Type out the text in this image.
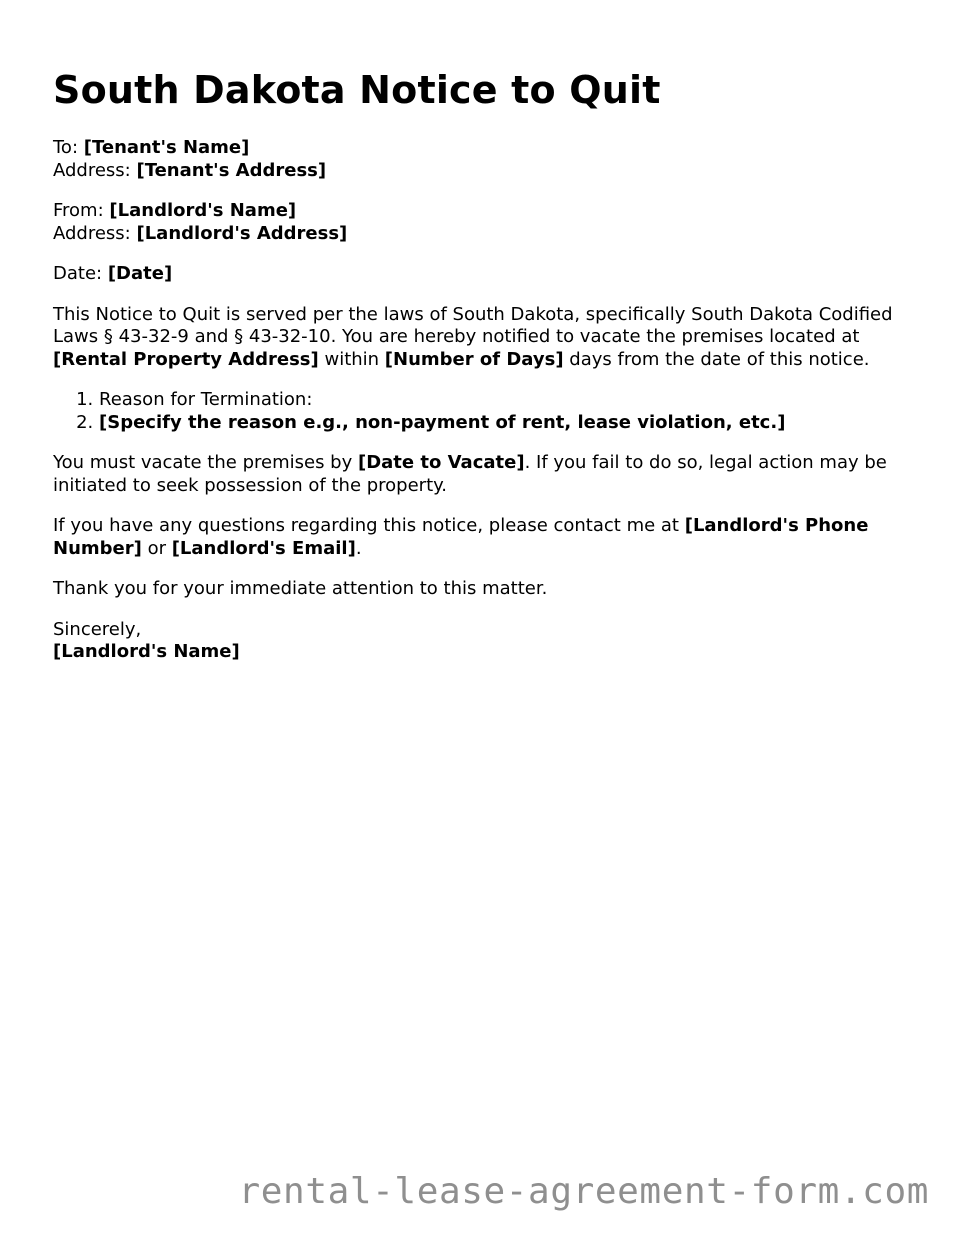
South Dakota Notice to Quit

To: [Tenant's Name]
Address: [Tenant's Address]

From: [Landlord's Name]
Address: [Landlord's Address]

Date: [Date]

This Notice to Quit is served per the laws of South Dakota, specifically South Dakota Codified Laws § 43-32-9 and § 43-32-10. You are hereby notified to vacate the premises located at [Rental Property Address] within [Number of Days] days from the date of this notice.

1. Reason for Termination:
2. [Specify the reason e.g., non-payment of rent, lease violation, etc.]

You must vacate the premises by [Date to Vacate]. If you fail to do so, legal action may be initiated to seek possession of the property.

If you have any questions regarding this notice, please contact me at [Landlord's Phone Number] or [Landlord's Email].

Thank you for your immediate attention to this matter.

Sincerely,
[Landlord's Name]

rental-lease-agreement-form.com
